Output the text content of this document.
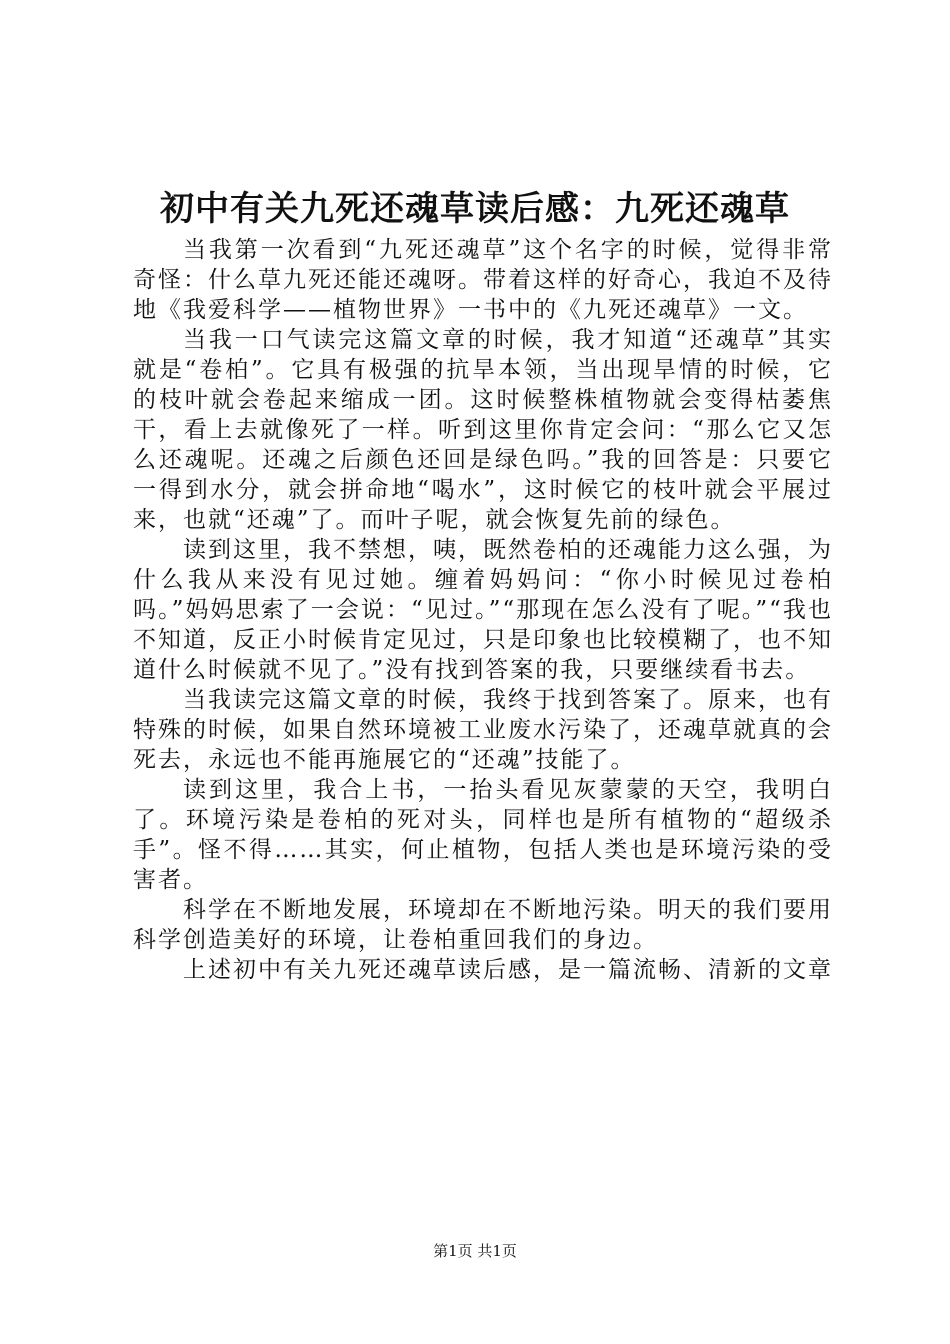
初中有关九死还魂草读后感：九死还魂草

当我第一次看到“九死还魂草”这个名字的时候，觉得非常奇怪：什么草九死还能还魂呀。带着这样的好奇心，我迫不及待地《我爱科学——植物世界》一书中的《九死还魂草》一文。

当我一口气读完这篇文章的时候，我才知道“还魂草”其实就是“卷柏”。它具有极强的抗旱本领，当出现旱情的时候，它的枝叶就会卷起来缩成一团。这时候整株植物就会变得枯萎焦干，看上去就像死了一样。听到这里你肯定会问：“那么它又怎么还魂呢。还魂之后颜色还回是绿色吗。”我的回答是：只要它一得到水分，就会拼命地“喝水”，这时候它的枝叶就会平展过来，也就“还魂”了。而叶子呢，就会恢复先前的绿色。

读到这里，我不禁想，咦，既然卷柏的还魂能力这么强，为什么我从来没有见过她。缠着妈妈问：“你小时候见过卷柏吗。”妈妈思索了一会说：“见过。”“那现在怎么没有了呢。”“我也不知道，反正小时候肯定见过，只是印象也比较模糊了，也不知道什么时候就不见了。”没有找到答案的我，只要继续看书去。

当我读完这篇文章的时候，我终于找到答案了。原来，也有特殊的时候，如果自然环境被工业废水污染了，还魂草就真的会死去，永远也不能再施展它的“还魂”技能了。

读到这里，我合上书，一抬头看见灰蒙蒙的天空，我明白了。环境污染是卷柏的死对头，同样也是所有植物的“超级杀手”。怪不得……其实，何止植物，包括人类也是环境污染的受害者。

科学在不断地发展，环境却在不断地污染。明天的我们要用科学创造美好的环境，让卷柏重回我们的身边。

上述初中有关九死还魂草读后感，是一篇流畅、清新的文章

第1页 共1页
